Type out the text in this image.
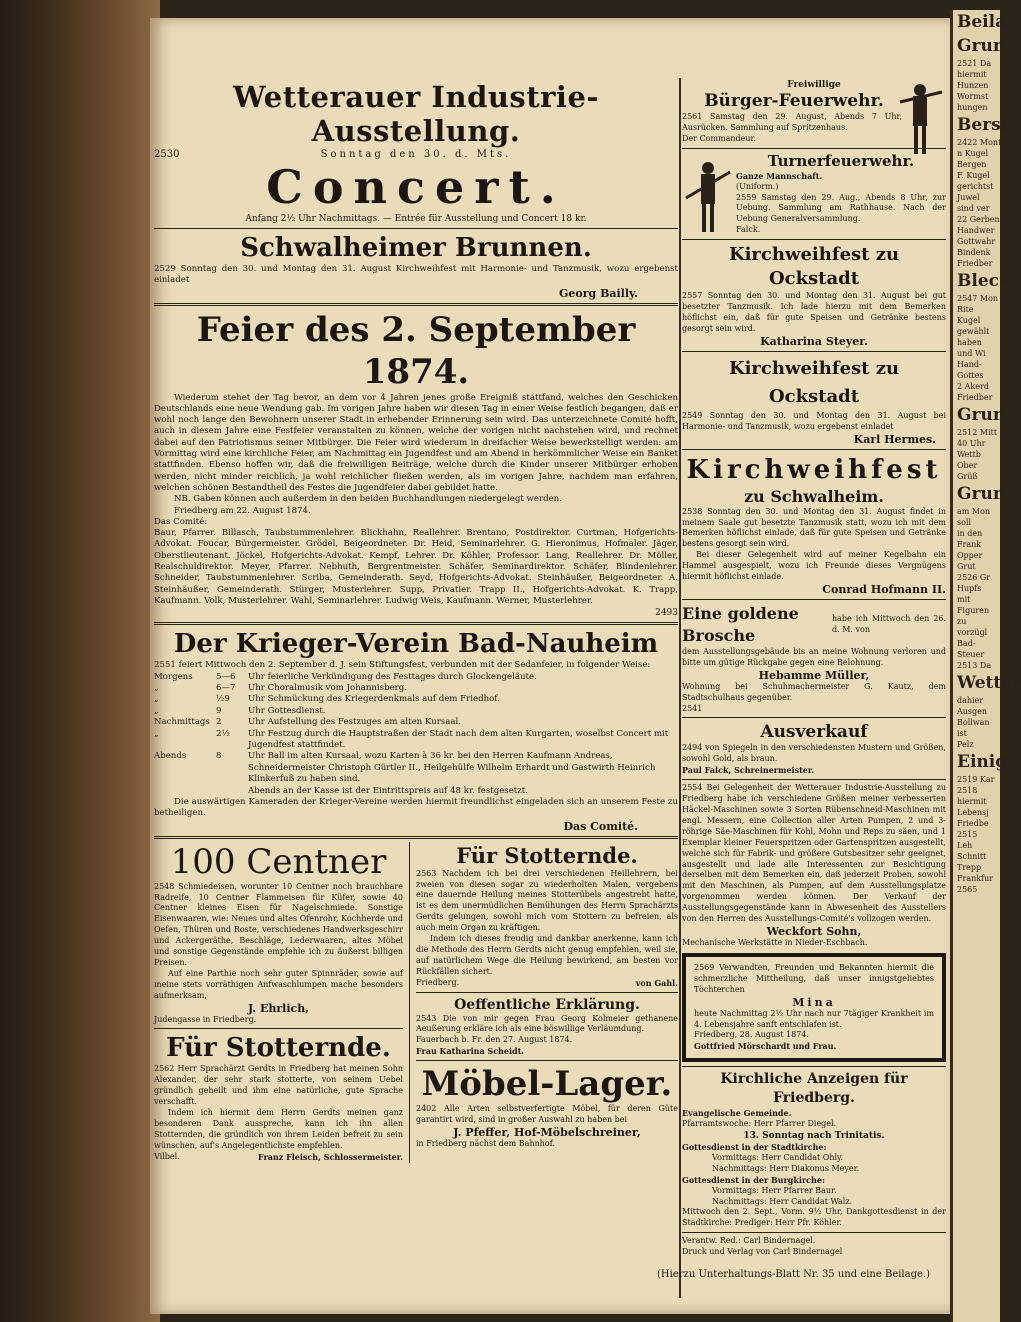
Wetterauer Industrie-Ausstellung.
2530	Sonntag den 30. d. Mts.
Concert.
Anfang 2½ Uhr Nachmittags. — Entrée für Ausstellung und Concert 18 kr.
Schwalheimer Brunnen.
2529 Sonntag den 30. und Montag den 31. August Kirchweihfest mit Harmonie- und Tanzmusik, wozu ergebenst einladet
Georg Bailly.
Feier des 2. September 1874.
Wiederum stehet der Tag bevor, an dem vor 4 Jahren jenes große Ereigniß stattfand, welches den Geschicken Deutschlands eine neue Wendung gab. Im vorigen Jahre haben wir diesen Tag in einer Weise festlich begangen, daß er wohl noch lange den Bewohnern unserer Stadt in erhebender Erinnerung sein wird. Das unterzeichnete Comité hofft, auch in diesem Jahre eine Festfeier veranstalten zu können, welche der vorigen nicht nachstehen wird, und rechnet dabei auf den Patriotismus seiner Mitbürger. Die Feier wird wiederum in dreifacher Weise bewerkstelligt werden: am Vormittag wird eine kirchliche Feier, am Nachmittag ein Jugendfest und am Abend in herkömmlicher Weise ein Banket stattfinden. Ebenso hoffen wir, daß die freiwilligen Beiträge, welche durch die Kinder unserer Mitbürger erhoben werden, nicht minder reichlich, ja wohl reichlicher fließen werden, als im vorigen Jahre, nachdem man erfahren, welchen schönen Bestandtheil des Festes die Jugendfeier dabei gebildet hatte.
NB. Gaben können auch außerdem in den beiden Buchhandlungen niedergelegt werden.
Friedberg am 22. August 1874.
Das Comité:
Baur, Pfarrer. Billasch, Taubstummenlehrer. Blickhahn, Reallehrer. Brentano, Postdirektor. Curtman, Hofgerichts-Advokat. Foucar, Bürgermeister. Grödel, Beigeordneter. Dr. Heid, Seminarlehrer. G. Hieronimus, Hofmaler. Jäger, Oberstlieutenant. Jöckel, Hofgerichts-Advokat. Kempf, Lehrer. Dr. Köhler, Professor. Lang, Reallehrer. Dr. Möller, Realschuldirektor. Meyer, Pfarrer. Nebhuth, Bergrentmeister. Schäfer, Seminardirektor. Schäfer, Blindenlehrer. Schneider, Taubstummenlehrer. Scriba, Gemeinderath. Seyd, Hofgerichts-Advokat. Steinhäußer, Beigeordneter. A. Steinhäußer, Gemeinderath. Stürger, Musterlehrer. Supp, Privatier. Trapp II., Hofgerichts-Advokat. K. Trapp, Kaufmann. Volk, Musterlehrer. Wahl, Seminarlehrer. Ludwig Weis, Kaufmann. Werner, Musterlehrer.
2493
Der Krieger-Verein Bad-Nauheim
2551 feiert Mittwoch den 2. September d. J. sein Stiftungsfest, verbunden mit der Sedanfeier, in folgender Weise:
Morgens	5—6	Uhr feierliche Verkündigung des Festtages durch Glockengeläute.
„	6—7	Uhr Choralmusik vom Johannisberg.
„	½9	Uhr Schmückung des Kriegerdenkmals auf dem Friedhof.
„	9	Uhr Gottesdienst.
Nachmittags 2	Uhr Aufstellung des Festzuges am alten Kursaal.
„	2½	Uhr Festzug durch die Hauptstraßen der Stadt nach dem alten Kurgarten, woselbst Concert mit Jugendfest stattfindet.
Abends	8	Uhr Ball im alten Kursaal, wozu Karten à 36 kr. bei den Herren Kaufmann Andreas, Schneidermeister Christoph Gürtler II., Heilgehülfe Wilhelm Erhardt und Gastwirth Heinrich Klinkerfuß zu haben sind.
Abends an der Kasse ist der Eintrittspreis auf 48 kr. festgesetzt.
Die auswärtigen Kameraden der Krieger-Vereine werden hiermit freundlichst eingeladen sich an unserem Feste zu betheiligen.
Das Comité.
100 Centner
2548 Schmiedeisen, worunter 10 Centner noch brauchbare Radreife, 10 Centner Flammeisen für Küfer, sowie 40 Centner kleines Eisen für Nagelschmiede. Sonstige Eisenwaaren, wie: Neues und altes Ofenrohr, Kochherde und Oefen, Thüren und Roste, verschiedenes Handwerksgeschirr und Ackergeräthe, Beschläge, Lederwaaren, altes Möbel und sonstige Gegenstände empfehle ich zu äußerst billigen Preisen.
Auf eine Parthie noch sehr guter Spinnräder, sowie auf meine stets vorräthigen Anfwaschlumpen mache besonders aufmerksam,
J. Ehrlich,
Judengasse in Friedberg.
Für Stotternde.
2562 Herr Sprachärzt Gerdts in Friedberg hat meinen Sohn Alexander, der sehr stark stotterte, von seinem Uebel gründlich geheilt und ihm eine natürliche, gute Sprache verschafft.
Indem ich hiermit dem Herrn Gerdts meinen ganz besonderen Dank ausspreche, kann ich ihn allen Stotternden, die gründlich von ihrem Leiden befreit zu sein wünschen, auf's Angelegentlichste empfehlen.
Vilbel.	Franz Fleisch, Schlossermeister.
Für Stotternde.
2563 Nachdem ich bei drei verschiedenen Heillehrern, bei zweien von diesen sogar zu wiederholten Malen, vergebens eine dauernde Heilung meines Stotterübels angestrebt hatte, ist es dem unermüdlichen Bemühungen des Herrn Sprachärzts Gerdts gelungen, sowohl mich vom Stottern zu befreien, als auch mein Organ zu kräftigen.
Indem ich dieses freudig und dankbar anerkenne, kann ich die Methode des Herrn Gerdts nicht genug empfehlen, weil sie, auf natürlichem Wege die Heilung bewirkend, am besten vor Rückfällen sichert.
Friedberg.	von Gahl.
Oeffentliche Erklärung.
2543 Die von mir gegen Frau Georg Kolmeier gethanene Aeußerung erkläre ich als eine böswillige Verläumdung.
Fauerbach b. Fr. den 27. August 1874.
Frau Katharina Scheidt.
Möbel-Lager.
2402 Alle Arten selbstverfertigte Möbel, für deren Güte garantirt wird, sind in großer Auswahl zu haben bei
J. Pfeffer, Hof-Möbelschreiner,
in Friedberg nächst dem Bahnhof.
Freiwillige
Bürger-Feuerwehr.
2561 Samstag den 29. August, Abends 7 Uhr, Ausrücken. Sammlung auf Spritzenhaus.
Der Commandeur.
Turnerfeuerwehr.
Ganze Mannschaft.
(Uniform.)
2559 Samstag den 29. Aug., Abends 8 Uhr, zur Uebung. Sammlung am Rathhause. Nach der Uebung Generalversammlung.
Falck.
Kirchweihfest zu Ockstadt
2557 Sonntag den 30. und Montag den 31. August bei gut besetzter Tanzmusik. Ich lade hierzu mit dem Bemerken höflichst ein, daß für gute Speisen und Getränke bestens gesorgt sein wird.
Katharina Steyer.
Kirchweihfest zu Ockstadt
2549 Sonntag den 30. und Montag den 31. August bei Harmonie- und Tanzmusik, wozu ergebenst einladet
Karl Hermes.
Kirchweihfest
zu Schwalheim.
2538 Sonntag den 30. und Montag den 31. August findet in meinem Saale gut besetzte Tanzmusik statt, wozu ich mit dem Bemerken höflichst einlade, daß für gute Speisen und Getränke bestens gesorgt sein wird.
Bei dieser Gelegenheit wird auf meiner Kegelbahn ein Hammel ausgespielt, wozu ich Freunde dieses Vergnügens hiermit höflichst einlade.
Conrad Hofmann II.
Eine goldene Brosche
habe ich Mittwoch den 26. d. M. von
dem Ausstellungsgebäude bis an meine Wohnung verloren und bitte um gütige Rückgabe gegen eine Belohnung.
Hebamme Müller,
Wohnung bei Schuhmachermeister G. Kautz, dem Stadtschulhaus gegenüber.
2541
Ausverkauf
2494 von Spiegeln in den verschiedensten Mustern und Größen, sowohl Gold, als braun.
Paul Falck, Schreinermeister.
2554 Bei Gelegenheit der Wetterauer Industrie-Ausstellung zu Friedberg habe ich verschiedene Größen meiner verbesserten Häckel-Maschinen sowie 3 Sorten Rübenschneid-Maschinen mit engl. Messern, eine Collection aller Arten Pumpen, 2 und 3-röhrige Säe-Maschinen für Kohl, Mohn und Reps zu säen, und 1 Exemplar kleiner Feuerspritzen oder Gartenspritzen ausgestellt, welche sich für Fabrik- und größere Gutsbesitzer sehr geeignet, ausgestellt und lade alle Interessenten zur Besichtigung derselben mit dem Bemerken ein, daß jederzeit Proben, sowohl mit den Maschinen, als Pumpen, auf dem Ausstellungsplatze vorgenommen werden können. Der Verkauf der Ausstellungsgegenstände kann in Abwesenheit des Ausstellers von den Herren des Ausstellungs-Comité's vollzogen werden.
Weckfort Sohn,
Mechanische Werkstätte in Nieder-Eschbach.
2569 Verwandten, Freunden und Bekannten hiermit die schmerzliche Mittheilung, daß unser innigstgeliebtes Töchterchen
Mina
heute Nachmittag 2½ Uhr nach nur 7tägiger Krankheit im 4. Lebensjahre sanft entschlafen ist.
Friedberg, 28. August 1874.
Gottfried Mörschardt und Frau.
Kirchliche Anzeigen für Friedberg.
Evangelische Gemeinde.
Pfarramtswoche: Herr Pfarrer Diegel.
13. Sonntag nach Trinitatis.
Gottesdienst in der Stadtkirche:
Vormittags: Herr Candidat Ohly.
Nachmittags: Herr Diakonus Meyer.
Gottesdienst in der Burgkirche:
Vormittags: Herr Pfarrer Baur.
Nachmittags: Herr Candidat Walz.
Mittwoch den 2. Sept., Vorm. 9½ Uhr, Dankgottesdienst in der Stadtkirche: Prediger: Herr Pfr. Köhler.
Verantw. Red.: Carl Bindernagel.
Druck und Verlag von Carl Bindernagel
(Hierzu Unterhaltungs-Blatt Nr. 35 und eine Beilage.)
Beila
Grun
2521 Da
hiermit
Hunzen
Wormst
hungen
Berst
2422 Mont
n Kugel
Bergen
F. Kugel
gerichtst
Juwel
sind ver
22 Gerben
Handwer
Gottwahr
Bindenk
Friedber
Blec-
2547 Mon
Rite
Kugel
gewählt
haben
und Wi
Hand-
Gottes
2 Akerd
Friedber
Grun
2512 Mitt
40 Uhr
Wettb
Ober
Grüß
Grun
am Mon
soll
in den
Frank
Opper
Grut
2526 Gr
Hupfs
mit
Figuren
zu
vorzügl
Bad-
Steuer
2513 Da
Wetter
dahier
Ausgen
Bollwan
ist
Pelz
Einig
2519 Kar
2518
hiermit
Lebensj
Friedbe
2515
Leh
Schnitt
Trepp
Frankfur
2565
